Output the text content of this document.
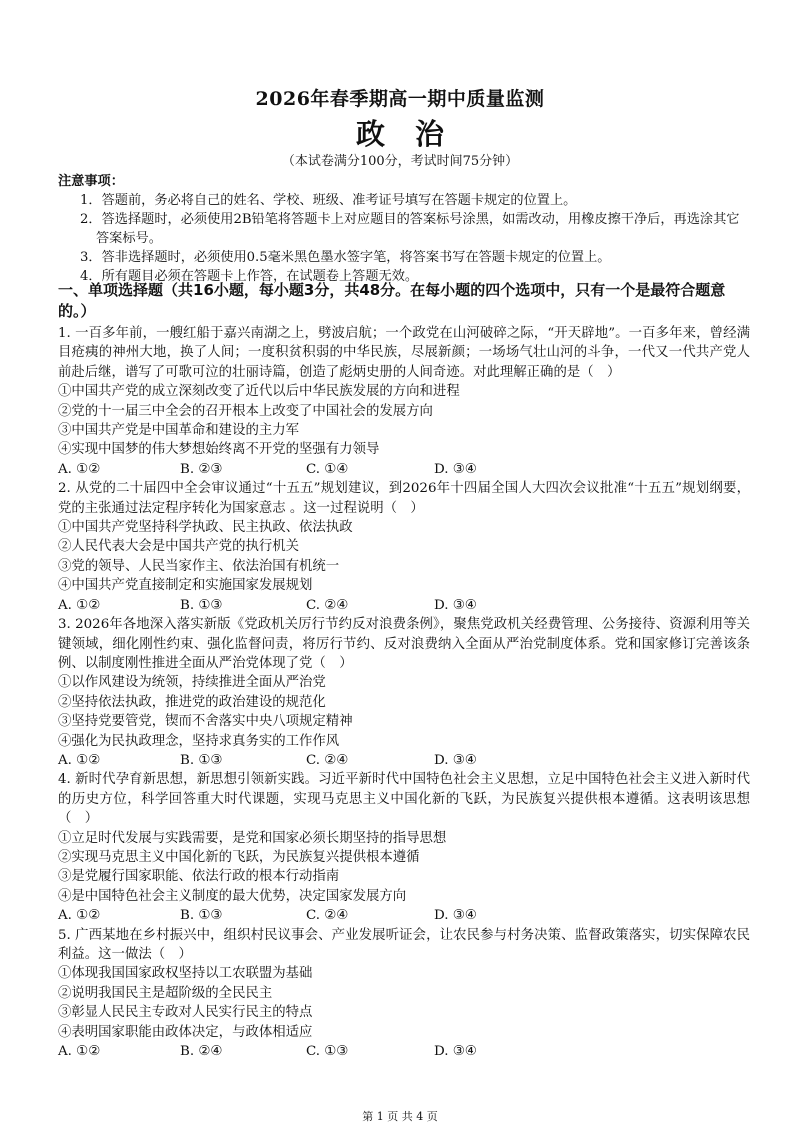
2026年春季期高一期中质量监测
政治
（本试卷满分100分，考试时间75分钟）
注意事项：
1．答题前，务必将自己的姓名、学校、班级、准考证号填写在答题卡规定的位置上。
2．答选择题时，必须使用2B铅笔将答题卡上对应题目的答案标号涂黑，如需改动，用橡皮擦干净后，再选涂其它答案标号。
3．答非选择题时，必须使用0.5毫米黑色墨水签字笔，将答案书写在答题卡规定的位置上。
4．所有题目必须在答题卡上作答，在试题卷上答题无效。
一、单项选择题（共16小题，每小题3分，共48分。在每小题的四个选项中，只有一个是最符合题意的。）
1. 一百多年前，一艘红船于嘉兴南湖之上，劈波启航；一个政党在山河破碎之际，“开天辟地”。一百多年来，曾经满目疮痍的神州大地，换了人间；一度积贫积弱的中华民族，尽展新颜；一场场气壮山河的斗争，一代又一代共产党人前赴后继，谱写了可歌可泣的壮丽诗篇，创造了彪炳史册的人间奇迹。对此理解正确的是（　）
①中国共产党的成立深刻改变了近代以后中华民族发展的方向和进程
②党的十一届三中全会的召开根本上改变了中国社会的发展方向
③中国共产党是中国革命和建设的主力军
④实现中国梦的伟大梦想始终离不开党的坚强有力领导
A. ①②	B. ②③	C. ①④	D. ③④
2. 从党的二十届四中全会审议通过“十五五”规划建议，到2026年十四届全国人大四次会议批准“十五五”规划纲要，党的主张通过法定程序转化为国家意志 。这一过程说明（　）
①中国共产党坚持科学执政、民主执政、依法执政
②人民代表大会是中国共产党的执行机关
③党的领导、人民当家作主、依法治国有机统一
④中国共产党直接制定和实施国家发展规划
A. ①②	B. ①③	C. ②④	D. ③④
3. 2026年各地深入落实新版《党政机关厉行节约反对浪费条例》，聚焦党政机关经费管理、公务接待、资源利用等关键领域，细化刚性约束、强化监督问责，将厉行节约、反对浪费纳入全面从严治党制度体系。党和国家修订完善该条例、以制度刚性推进全面从严治党体现了党（　）
①以作风建设为统领，持续推进全面从严治党
②坚持依法执政，推进党的政治建设的规范化
③坚持党要管党，锲而不舍落实中央八项规定精神
④强化为民执政理念，坚持求真务实的工作作风
A. ①②	B. ①③	C. ②④	D. ③④
4. 新时代孕育新思想，新思想引领新实践。习近平新时代中国特色社会主义思想，立足中国特色社会主义进入新时代的历史方位，科学回答重大时代课题，实现马克思主义中国化新的飞跃，为民族复兴提供根本遵循。这表明该思想（　）
①立足时代发展与实践需要，是党和国家必须长期坚持的指导思想
②实现马克思主义中国化新的飞跃，为民族复兴提供根本遵循
③是党履行国家职能、依法行政的根本行动指南
④是中国特色社会主义制度的最大优势，决定国家发展方向
A. ①②	B. ①③	C. ②④	D. ③④
5. 广西某地在乡村振兴中，组织村民议事会、产业发展听证会，让农民参与村务决策、监督政策落实，切实保障农民利益。这一做法（　）
①体现我国国家政权坚持以工农联盟为基础
②说明我国民主是超阶级的全民民主
③彰显人民民主专政对人民实行民主的特点
④表明国家职能由政体决定，与政体相适应
A. ①②	B. ②④	C. ①③	D. ③④
第 1 页 共 4 页
